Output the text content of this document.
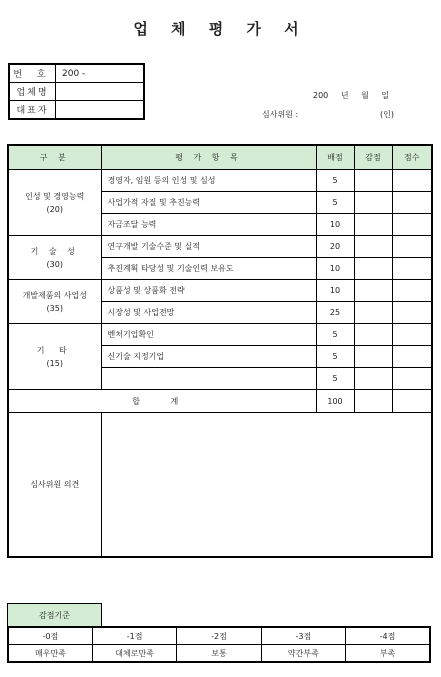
업 체 평 가 서
번 호	200 -
업체명	
대표자	
200 년 월 일
심사위원 :	(인)
구 분	평 가 항 목	배점	감점	점수

인성 및 경영능력
(20)	경영자, 임원 등의 인성 및 심성	5		
	사업가적 자질 및 추진능력	5		
	자금조달 능력	10		

기 술 성
(30)	연구개발 기술수준 및 실적	20		
	추진계획 타당성 및 기술인력 보유도	10		

개발제품의 사업성
(35)	상품성 및 상품화 전략	10		
	시장성 및 사업전망	25		

기 타
(15)	벤처기업확인	5		
	신기술 지정기업	5		
		5		
합 계		100		
심사위원 의견				
감점기준
-0점	-1점	-2점	-3점	-4점
매우만족	대체로만족	보통	약간부족	부족
